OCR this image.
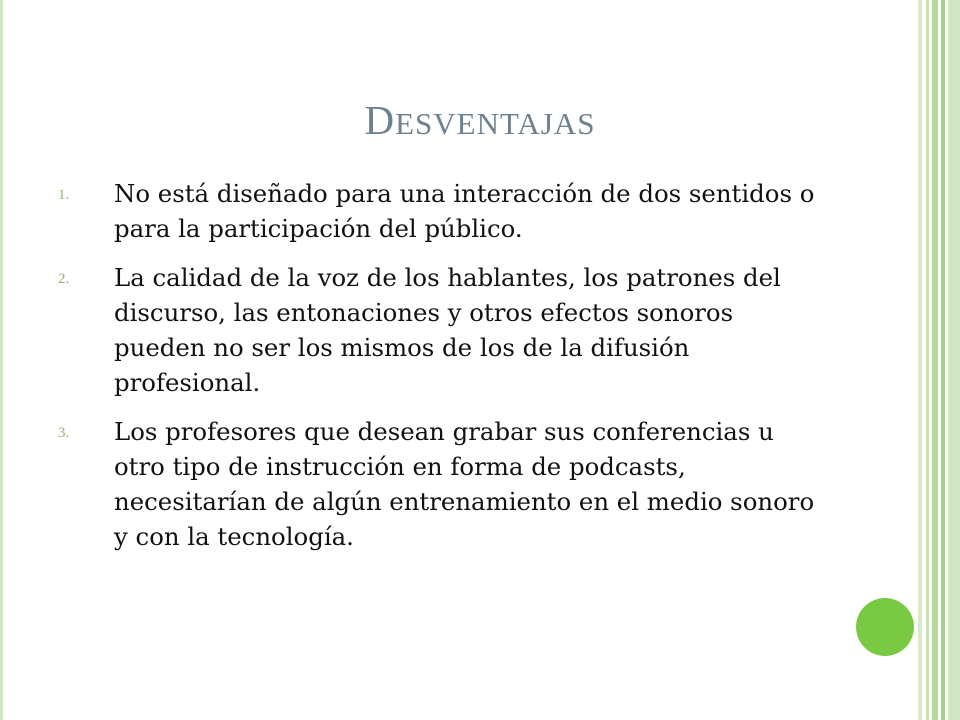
DESVENTAJAS
1. No está diseñado para una interacción de dos sentidos o para la participación del público.
2. La calidad de la voz de los hablantes, los patrones del discurso, las entonaciones y otros efectos sonoros pueden no ser los mismos de los de la difusión profesional.
3. Los profesores que desean grabar sus conferencias u otro tipo de instrucción en forma de podcasts, necesitarían de algún entrenamiento en el medio sonoro y con la tecnología.
